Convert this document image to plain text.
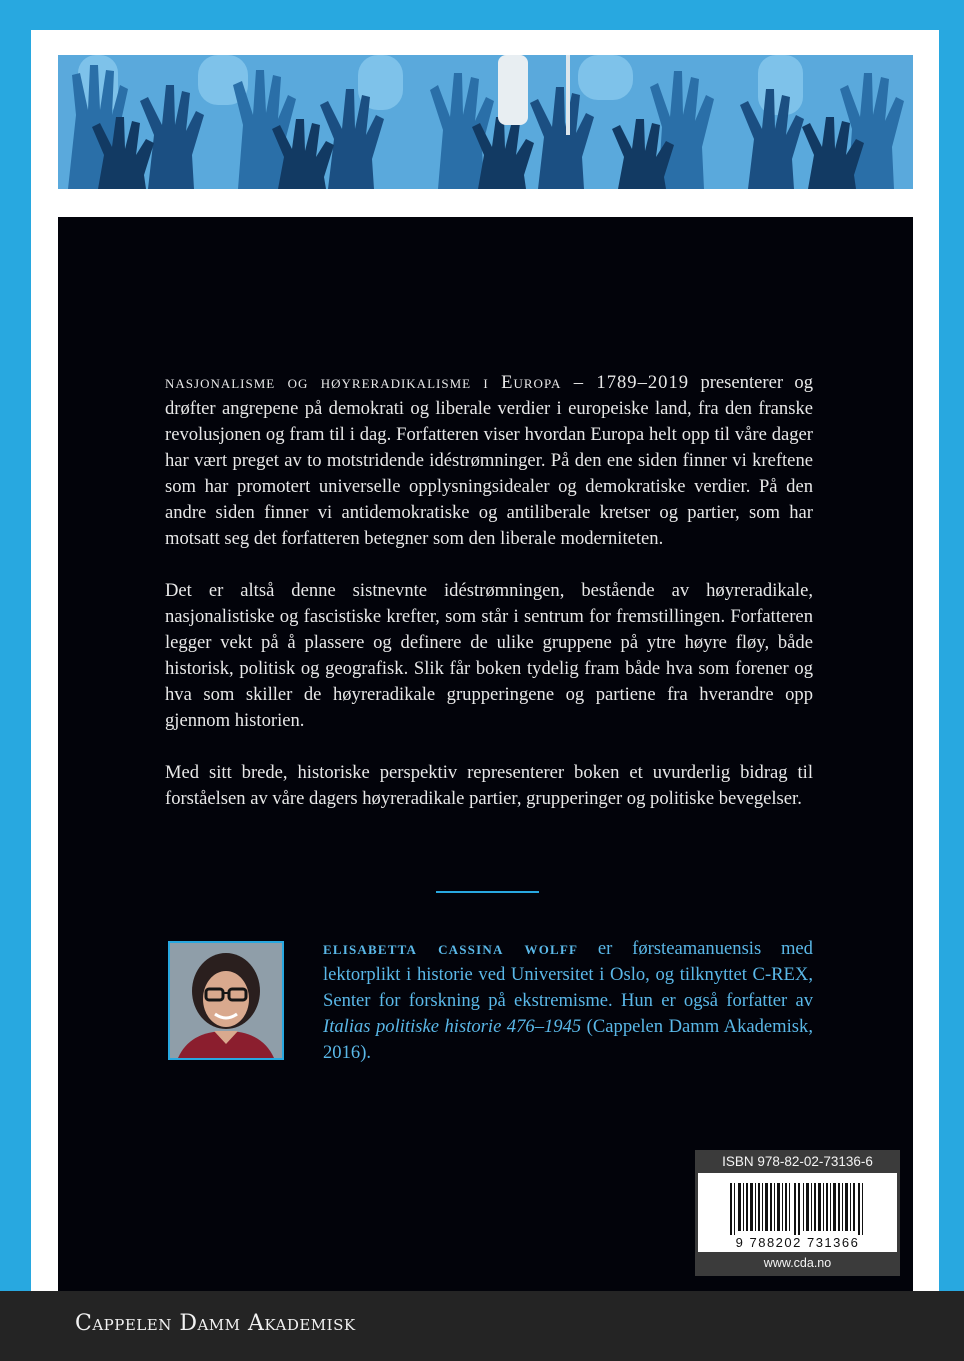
nasjonalisme og høyreradikalisme i Europa – 1789–2019 presenterer og drøfter angrepene på demokrati og liberale verdier i europeiske land, fra den franske revolusjonen og fram til i dag. Forfatteren viser hvordan Europa helt opp til våre dager har vært preget av to motstridende idéstrømninger. På den ene siden finner vi kreftene som har promotert universelle opplysningsidealer og demokratiske verdier. På den andre siden finner vi antidemokratiske og antiliberale kretser og partier, som har motsatt seg det forfatteren betegner som den liberale moderniteten.

Det er altså denne sistnevnte idéstrømningen, bestående av høyreradikale, nasjonalistiske og fascistiske krefter, som står i sentrum for fremstillingen. Forfatteren legger vekt på å plassere og definere de ulike gruppene på ytre høyre fløy, både historisk, politisk og geografisk. Slik får boken tydelig fram både hva som forener og hva som skiller de høyreradikale grupperingene og partiene fra hverandre opp gjennom historien.

Med sitt brede, historiske perspektiv representerer boken et uvurderlig bidrag til forståelsen av våre dagers høyreradikale partier, grupperinger og politiske bevegelser.

elisabetta cassina wolff er førsteamanuensis med lektorplikt i historie ved Universitet i Oslo, og tilknyttet C-REX, Senter for forskning på ekstremisme. Hun er også forfatter av Italias politiske historie 476–1945 (Cappelen Damm Akademisk, 2016).
ISBN 978-82-02-73136-6
9 788202 731366
www.cda.no
Cappelen Damm Akademisk
